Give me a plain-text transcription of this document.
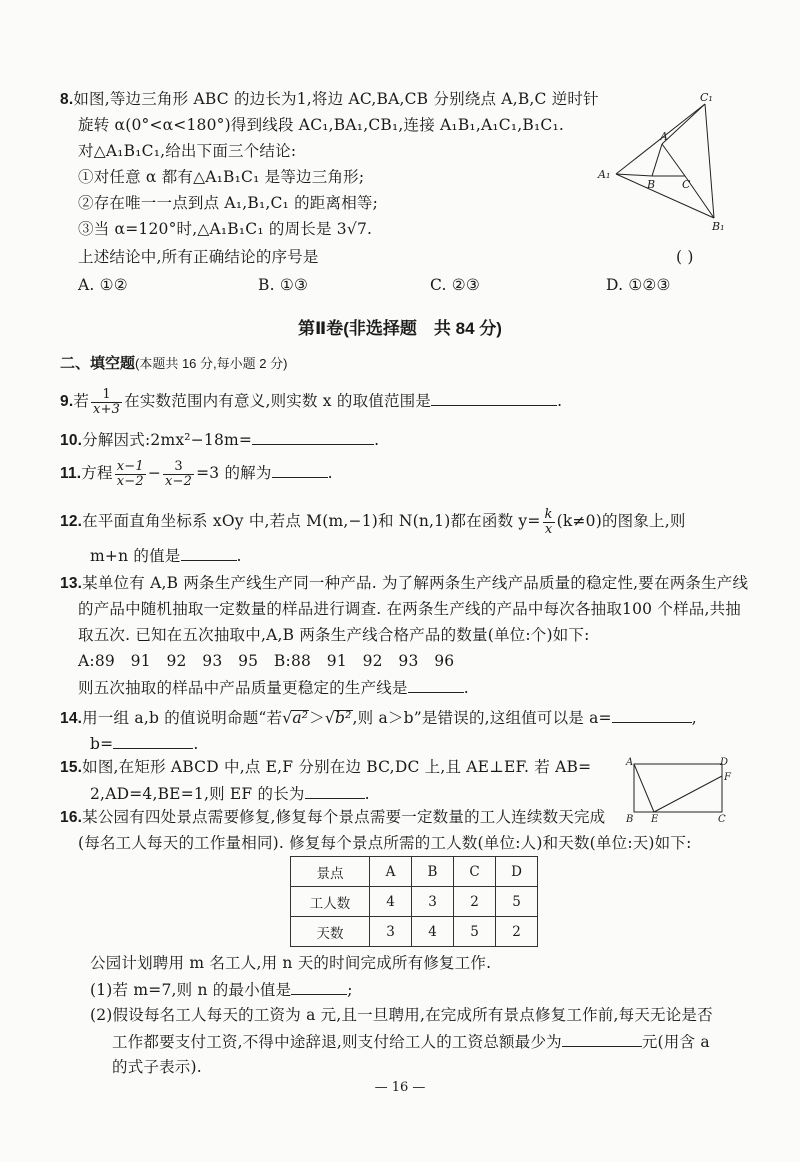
8.如图,等边三角形 ABC 的边长为1,将边 AC,BA,CB 分别绕点 A,B,C 逆时针
旋转 α(0°<α<180°)得到线段 AC₁,BA₁,CB₁,连接 A₁B₁,A₁C₁,B₁C₁.
对△A₁B₁C₁,给出下面三个结论:
①对任意 α 都有△A₁B₁C₁ 是等边三角形;
②存在唯一一点到点 A₁,B₁,C₁ 的距离相等;
③当 α=120°时,△A₁B₁C₁ 的周长是 3√7.
上述结论中,所有正确结论的序号是	( )
A. ①②	B. ①③	C. ②③	D. ①②③
C₁
A
A₁
B C
B₁
第Ⅱ卷(非选择题　共 84 分)
二、填空题(本题共 16 分,每小题 2 分)
9.若 $\frac{1}{x+3}$ 在实数范围内有意义,则实数 x 的取值范围是	.
10.分解因式:2mx²−18m=	.
11.方程 $\frac{x-1}{x-2} - \frac{3}{x-2} =3$ 的解为	.
12.在平面直角坐标系 xOy 中,若点 M(m,−1)和 N(n,1)都在函数 $y= \frac{k}{x} (k\ne 0)$的图象上,则
m+n 的值是	.
13.某单位有 A,B 两条生产线生产同一种产品. 为了解两条生产线产品质量的稳定性,要在两条生产线
的产品中随机抽取一定数量的样品进行调查. 在两条生产线的产品中每次各抽取100 个样品,共抽
取五次. 已知在五次抽取中,A,B 两条生产线合格产品的数量(单位:个)如下:
A:89　91　92　93　95　B:88　91　92　93　96
则五次抽取的样品中产品质量更稳定的生产线是	.
14.用一组 a,b 的值说明命题“若√a²＞√b²,则 a＞b”是错误的,这组值可以是 a=	,
b=	.
15.如图,在矩形 ABCD 中,点 E,F 分别在边 BC,DC 上,且 AE⊥EF. 若 AB=
2,AD=4,BE=1,则 EF 的长为	.
A	D
F
B E	C
16.某公园有四处景点需要修复,修复每个景点需要一定数量的工人连续数天完成
(每名工人每天的工作量相同). 修复每个景点所需的工人数(单位:人)和天数(单位:天)如下:
景点	A	B	C	D
工人数	4	3	2	5
天数	3	4	5	2
公园计划聘用 m 名工人,用 n 天的时间完成所有修复工作.
(1)若 m=7,则 n 的最小值是	;
(2)假设每名工人每天的工资为 a 元,且一旦聘用,在完成所有景点修复工作前,每天无论是否
工作都要支付工资,不得中途辞退,则支付给工人的工资总额最少为	元(用含 a
的式子表示).
— 16 —
